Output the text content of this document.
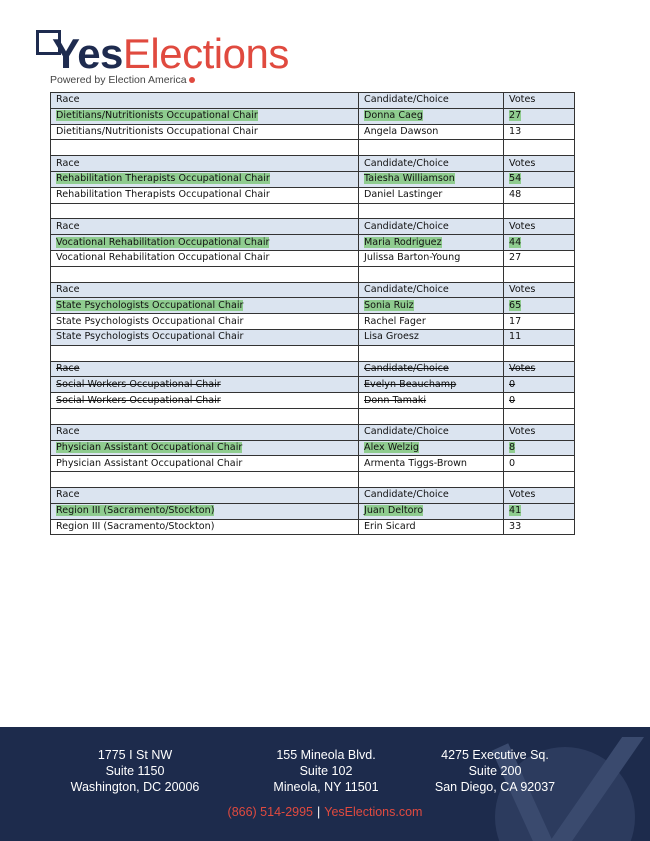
YesElections
Powered by Election America
Race	Candidate/Choice	Votes
Dietitians/Nutritionists Occupational Chair	Donna Caeg	27
Dietitians/Nutritionists Occupational Chair	Angela Dawson	13

Race	Candidate/Choice	Votes
Rehabilitation Therapists Occupational Chair	Taiesha Williamson	54
Rehabilitation Therapists Occupational Chair	Daniel Lastinger	48

Race	Candidate/Choice	Votes
Vocational Rehabilitation Occupational Chair	Maria Rodriguez	44
Vocational Rehabilitation Occupational Chair	Julissa Barton-Young	27

Race	Candidate/Choice	Votes
State Psychologists Occupational Chair	Sonia Ruiz	65
State Psychologists Occupational Chair	Rachel Fager	17
State Psychologists Occupational Chair	Lisa Groesz	11

Race	Candidate/Choice	Votes
Social Workers Occupational Chair	Evelyn Beauchamp	0
Social Workers Occupational Chair	Donn Tamaki	0

Race	Candidate/Choice	Votes
Physician Assistant Occupational Chair	Alex Welzig	8
Physician Assistant Occupational Chair	Armenta Tiggs-Brown	0

Race	Candidate/Choice	Votes
Region III (Sacramento/Stockton)	Juan Deltoro	41
Region III (Sacramento/Stockton)	Erin Sicard	33
1775 I St NW
Suite 1150
Washington, DC 20006
155 Mineola Blvd.
Suite 102
Mineola, NY 11501
4275 Executive Sq.
Suite 200
San Diego, CA 92037
(866) 514-2995 | YesElections.com
